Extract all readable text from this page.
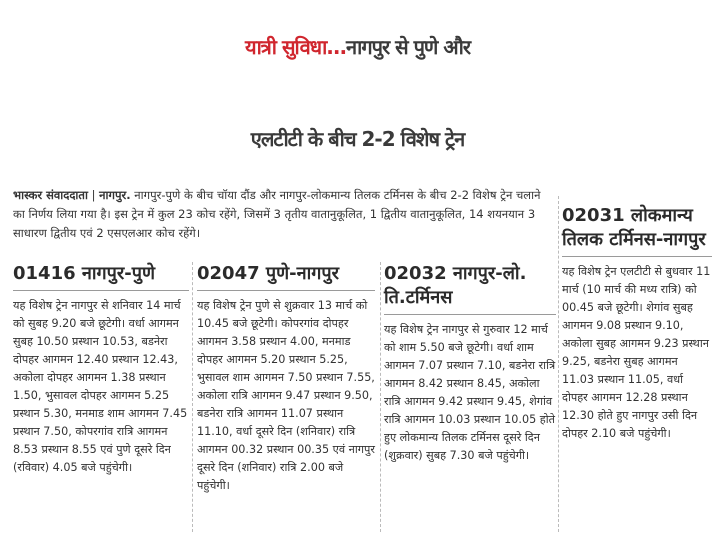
यात्री सुविधा...नागपुर से पुणे और
एलटीटी के बीच 2-2 विशेष ट्रेन
भास्कर संवाददाता | नागपुर. नागपुर-पुणे के बीच चॉया दौंड और नागपुर-लोकमान्य तिलक टर्मिनस के बीच 2-2 विशेष ट्रेन चलाने का निर्णय लिया गया है। इस ट्रेन में कुल 23 कोच रहेंगे, जिसमें 3 तृतीय वातानुकूलित, 1 द्वितीय वातानुकूलित, 14 शयनयान 3 साधारण द्वितीय एवं 2 एसएलआर कोच रहेंगे।
01416 नागपुर-पुणे
यह विशेष ट्रेन नागपुर से शनिवार 14 मार्च को सुबह 9.20 बजे छूटेगी। वर्धा आगमन सुबह 10.50 प्रस्थान 10.53, बडनेरा दोपहर आगमन 12.40 प्रस्थान 12.43, अकोला दोपहर आगमन 1.38 प्रस्थान 1.50, भुसावल दोपहर आगमन 5.25 प्रस्थान 5.30, मनमाड शाम आगमन 7.45 प्रस्थान 7.50, कोपरगांव रात्रि आगमन 8.53 प्रस्थान 8.55 एवं पुणे दूसरे दिन (रविवार) 4.05 बजे पहुंचेगी।
02047 पुणे-नागपुर
यह विशेष ट्रेन पुणे से शुक्रवार 13 मार्च को 10.45 बजे छूटेगी। कोपरगांव दोपहर आगमन 3.58 प्रस्थान 4.00, मनमाड दोपहर आगमन 5.20 प्रस्थान 5.25, भुसावल शाम आगमन 7.50 प्रस्थान 7.55, अकोला रात्रि आगमन 9.47 प्रस्थान 9.50, बडनेरा रात्रि आगमन 11.07 प्रस्थान 11.10, वर्धा दूसरे दिन (शनिवार) रात्रि आगमन 00.32 प्रस्थान 00.35 एवं नागपुर दूसरे दिन (शनिवार) रात्रि 2.00 बजे पहुंचेगी।
02032 नागपुर-लो. ति.टर्मिनस
यह विशेष ट्रेन नागपुर से गुरुवार 12 मार्च को शाम 5.50 बजे छूटेगी। वर्धा शाम आगमन 7.07 प्रस्थान 7.10, बडनेरा रात्रि आगमन 8.42 प्रस्थान 8.45, अकोला रात्रि आगमन 9.42 प्रस्थान 9.45, शेगांव रात्रि आगमन 10.03 प्रस्थान 10.05 होते हुए लोकमान्य तिलक टर्मिनस दूसरे दिन (शुक्रवार) सुबह 7.30 बजे पहुंचेगी।
02031 लोकमान्य तिलक टर्मिनस-नागपुर
यह विशेष ट्रेन एलटीटी से बुधवार 11 मार्च (10 मार्च की मध्य रात्रि) को 00.45 बजे छूटेगी। शेगांव सुबह आगमन 9.08 प्रस्थान 9.10, अकोला सुबह आगमन 9.23 प्रस्थान 9.25, बडनेरा सुबह आगमन 11.03 प्रस्थान 11.05, वर्धा दोपहर आगमन 12.28 प्रस्थान 12.30 होते हुए नागपुर उसी दिन दोपहर 2.10 बजे पहुंचेगी।
